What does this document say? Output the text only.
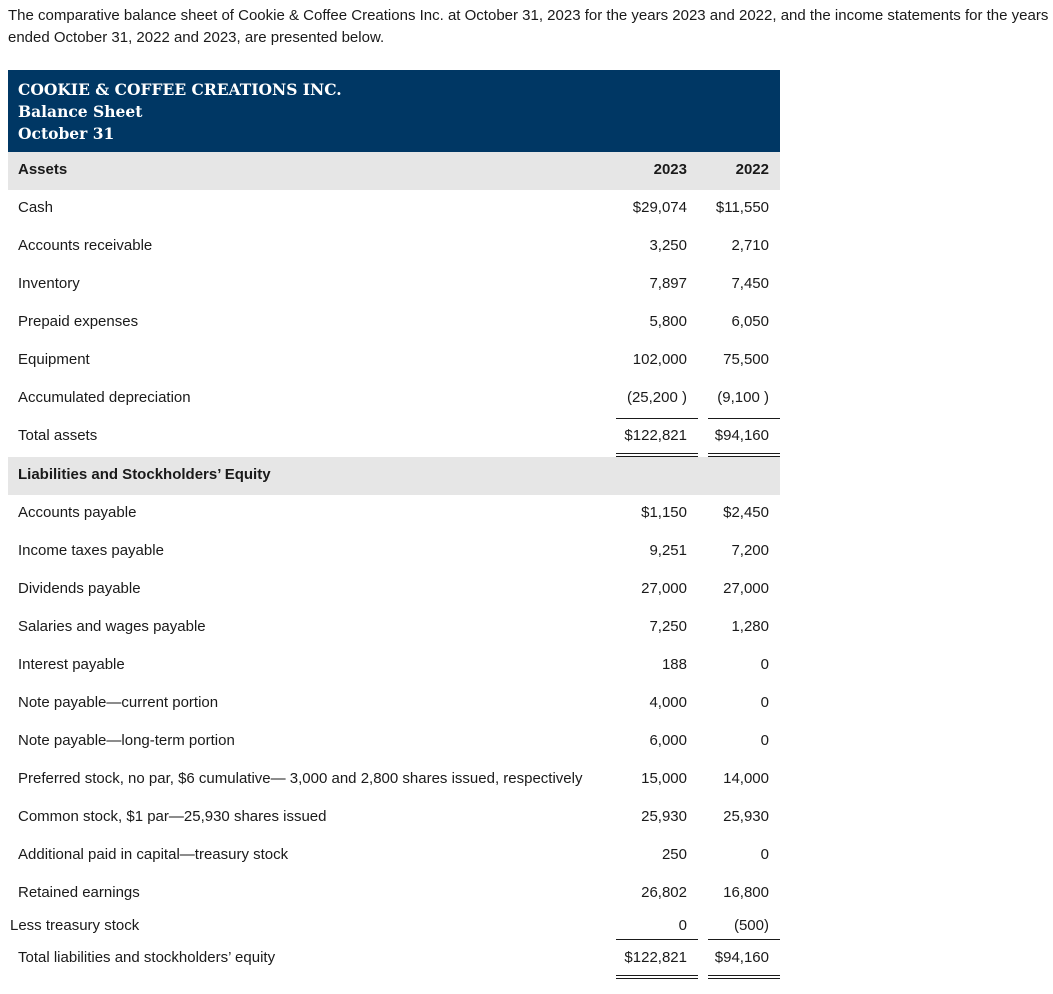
The comparative balance sheet of Cookie & Coffee Creations Inc. at October 31, 2023 for the years 2023 and 2022, and the income statements for the years ended October 31, 2022 and 2023, are presented below.
COOKIE & COFFEE CREATIONS INC.
Balance Sheet
October 31
Assets	2023	2022
Cash	$29,074 $11,550
Accounts receivable	3,250	2,710
Inventory	7,897	7,450
Prepaid expenses	5,800	6,050
Equipment	102,000 75,500
Accumulated depreciation	(25,200 ) (9,100 )
Total assets	$122,821 $94,160
Liabilities and Stockholders’ Equity
Accounts payable	$1,150 $2,450
Income taxes payable	9,251	7,200
Dividends payable	27,000 27,000
Salaries and wages payable	7,250	1,280
Interest payable	188	0
Note payable—current portion	4,000	0
Note payable—long-term portion	6,000	0
Preferred stock, no par, $6 cumulative— 3,000 and 2,800 shares issued, respectively	15,000 14,000
Common stock, $1 par—25,930 shares issued	25,930 25,930
Additional paid in capital—treasury stock	250	0
Retained earnings	26,802 16,800
Less treasury stock	0	(500)
Total liabilities and stockholders’ equity	$122,821 $94,160
